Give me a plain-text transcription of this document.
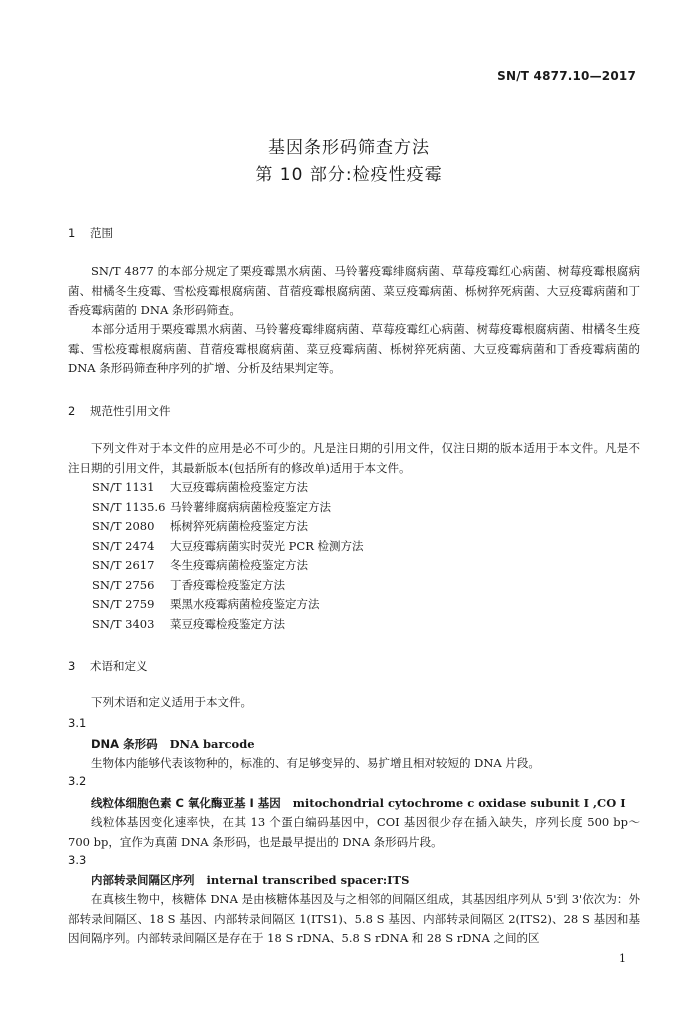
SN/T 4877.10—2017
基因条形码筛查方法
第 10 部分:检疫性疫霉
1 范围
SN/T 4877 的本部分规定了栗疫霉黑水病菌、马铃薯疫霉绯腐病菌、草莓疫霉红心病菌、树莓疫霉根腐病菌、柑橘冬生疫霉、雪松疫霉根腐病菌、苜蓿疫霉根腐病菌、菜豆疫霉病菌、栎树猝死病菌、大豆疫霉病菌和丁香疫霉病菌的 DNA 条形码筛查。
本部分适用于栗疫霉黑水病菌、马铃薯疫霉绯腐病菌、草莓疫霉红心病菌、树莓疫霉根腐病菌、柑橘冬生疫霉、雪松疫霉根腐病菌、苜蓿疫霉根腐病菌、菜豆疫霉病菌、栎树猝死病菌、大豆疫霉病菌和丁香疫霉病菌的 DNA 条形码筛查种序列的扩增、分析及结果判定等。
2 规范性引用文件
下列文件对于本文件的应用是必不可少的。凡是注日期的引用文件，仅注日期的版本适用于本文件。凡是不注日期的引用文件，其最新版本(包括所有的修改单)适用于本文件。
SN/T 1131 大豆疫霉病菌检疫鉴定方法
SN/T 1135.6 马铃薯绯腐病病菌检疫鉴定方法
SN/T 2080 栎树猝死病菌检疫鉴定方法
SN/T 2474 大豆疫霉病菌实时荧光 PCR 检测方法
SN/T 2617 冬生疫霉病菌检疫鉴定方法
SN/T 2756 丁香疫霉检疫鉴定方法
SN/T 2759 栗黑水疫霉病菌检疫鉴定方法
SN/T 3403 菜豆疫霉检疫鉴定方法
3 术语和定义
下列术语和定义适用于本文件。
3.1
DNA 条形码 DNA barcode
生物体内能够代表该物种的，标准的、有足够变异的、易扩增且相对较短的 DNA 片段。
3.2
线粒体细胞色素 C 氧化酶亚基 Ⅰ 基因 mitochondrial cytochrome c oxidase subunit Ⅰ ,CO Ⅰ
线粒体基因变化速率快，在其 13 个蛋白编码基因中，COI 基因很少存在插入缺失，序列长度 500 bp～700 bp，宜作为真菌 DNA 条形码，也是最早提出的 DNA 条形码片段。
3.3
内部转录间隔区序列 internal transcribed spacer:ITS
在真核生物中，核糖体 DNA 是由核糖体基因及与之相邻的间隔区组成，其基因组序列从 5'到 3'依次为：外部转录间隔区、18 S 基因、内部转录间隔区 1(ITS1)、5.8 S 基因、内部转录间隔区 2(ITS2)、28 S 基因和基因间隔序列。内部转录间隔区是存在于 18 S rDNA、5.8 S rDNA 和 28 S rDNA 之间的区
1
